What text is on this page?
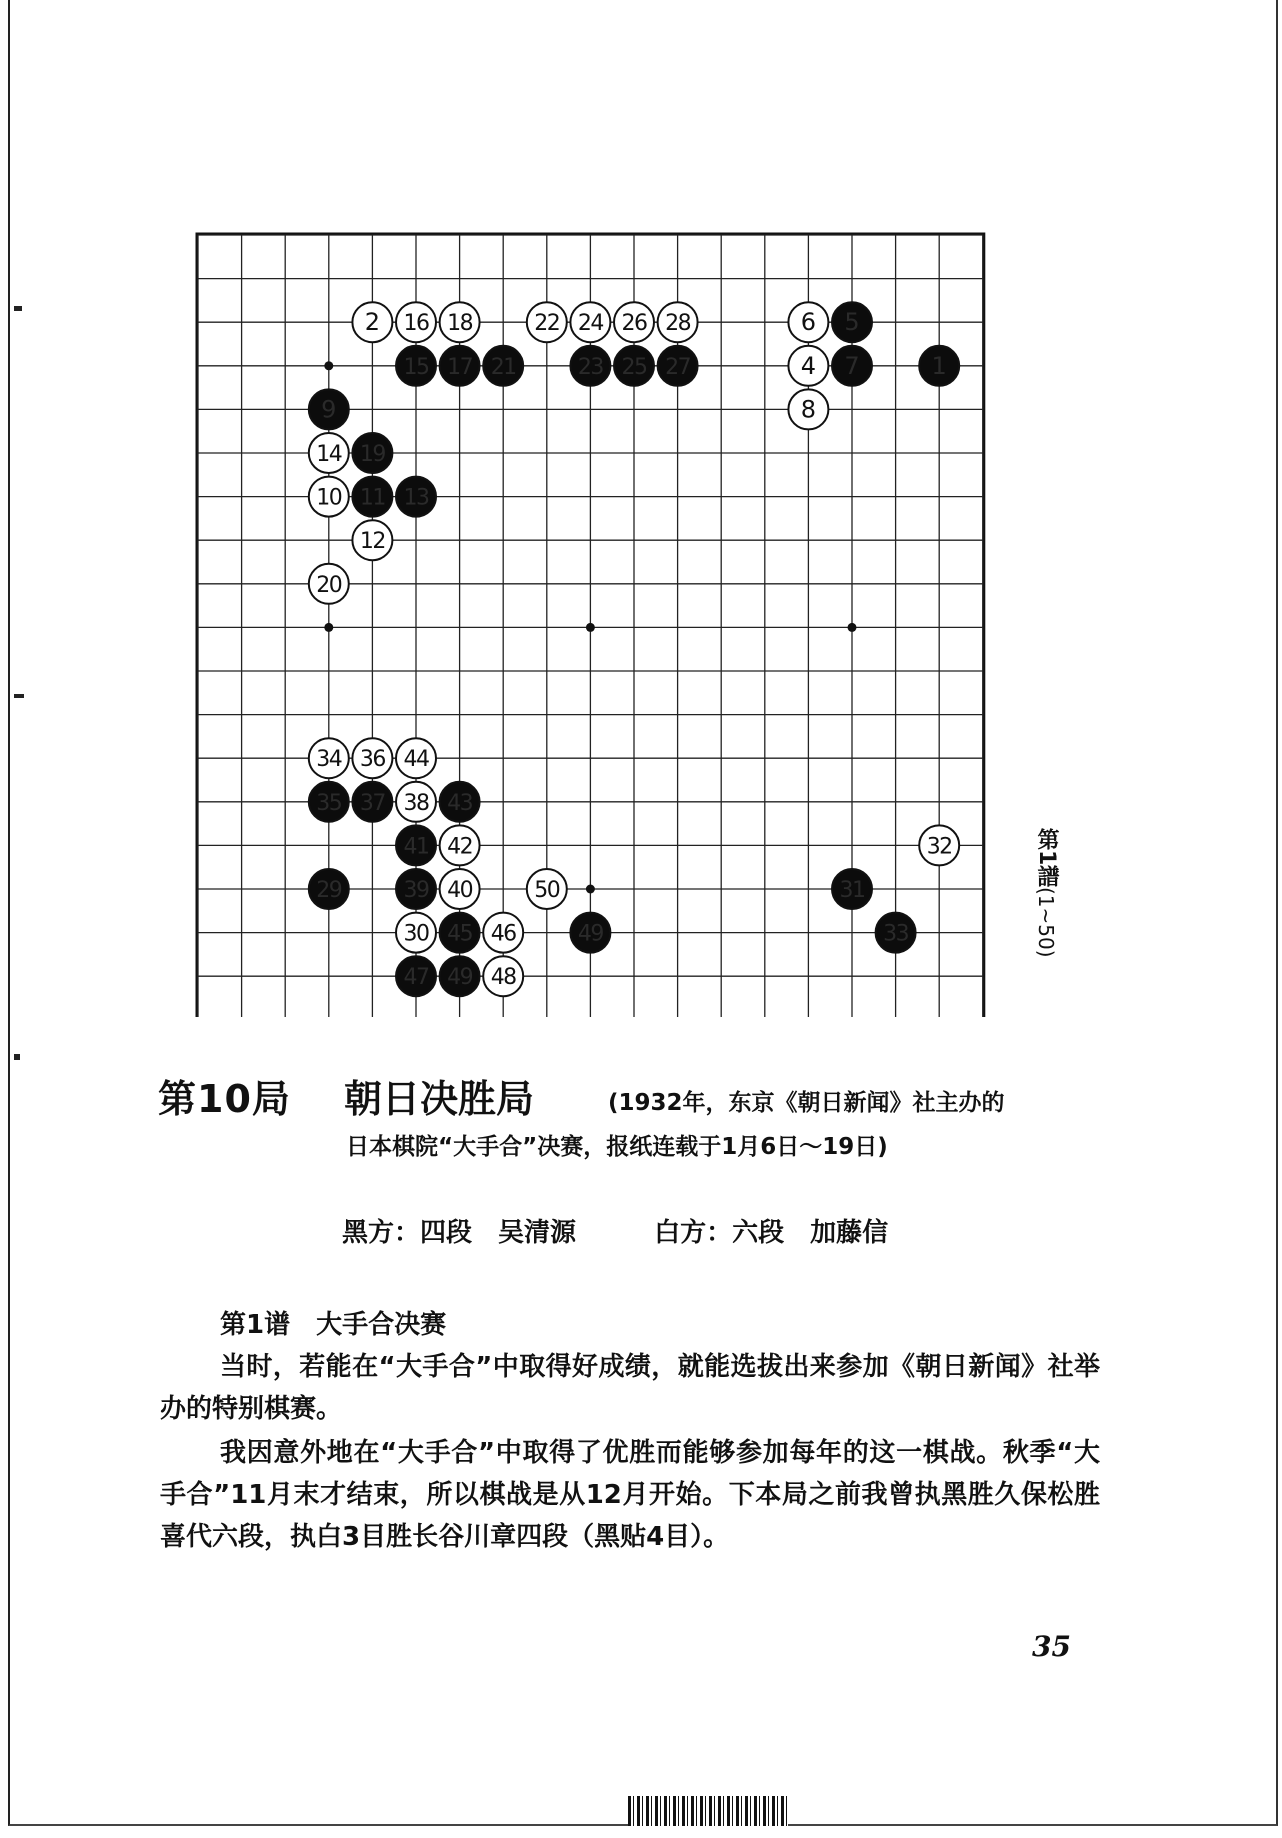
2 16 18	22 24 26 28	6 5
15 17 21	23 25 27	4 7	1
9	8
14 19
10 11 13
12
20
34 36 44
35 37 38 43
41 42	32
29	39 40	50	31
30 45 46	49	33
47 49 48
第1譜
(1~50)
第10局 朝日决胜局	(1932年，东京《朝日新闻》社主办的
日本棋院“大手合”决赛，报纸连载于1月6日～19日)
黑方：四段　吴清源	白方：六段　加藤信
第1谱　大手合决赛

当时，若能在“大手合”中取得好成绩，就能选拔出来参加《朝日新闻》社举办的特别棋赛。

我因意外地在“大手合”中取得了优胜而能够参加每年的这一棋战。秋季“大手合”11月末才结束，所以棋战是从12月开始。下本局之前我曾执黑胜久保松胜喜代六段，执白3目胜长谷川章四段（黑贴4目）。

35
